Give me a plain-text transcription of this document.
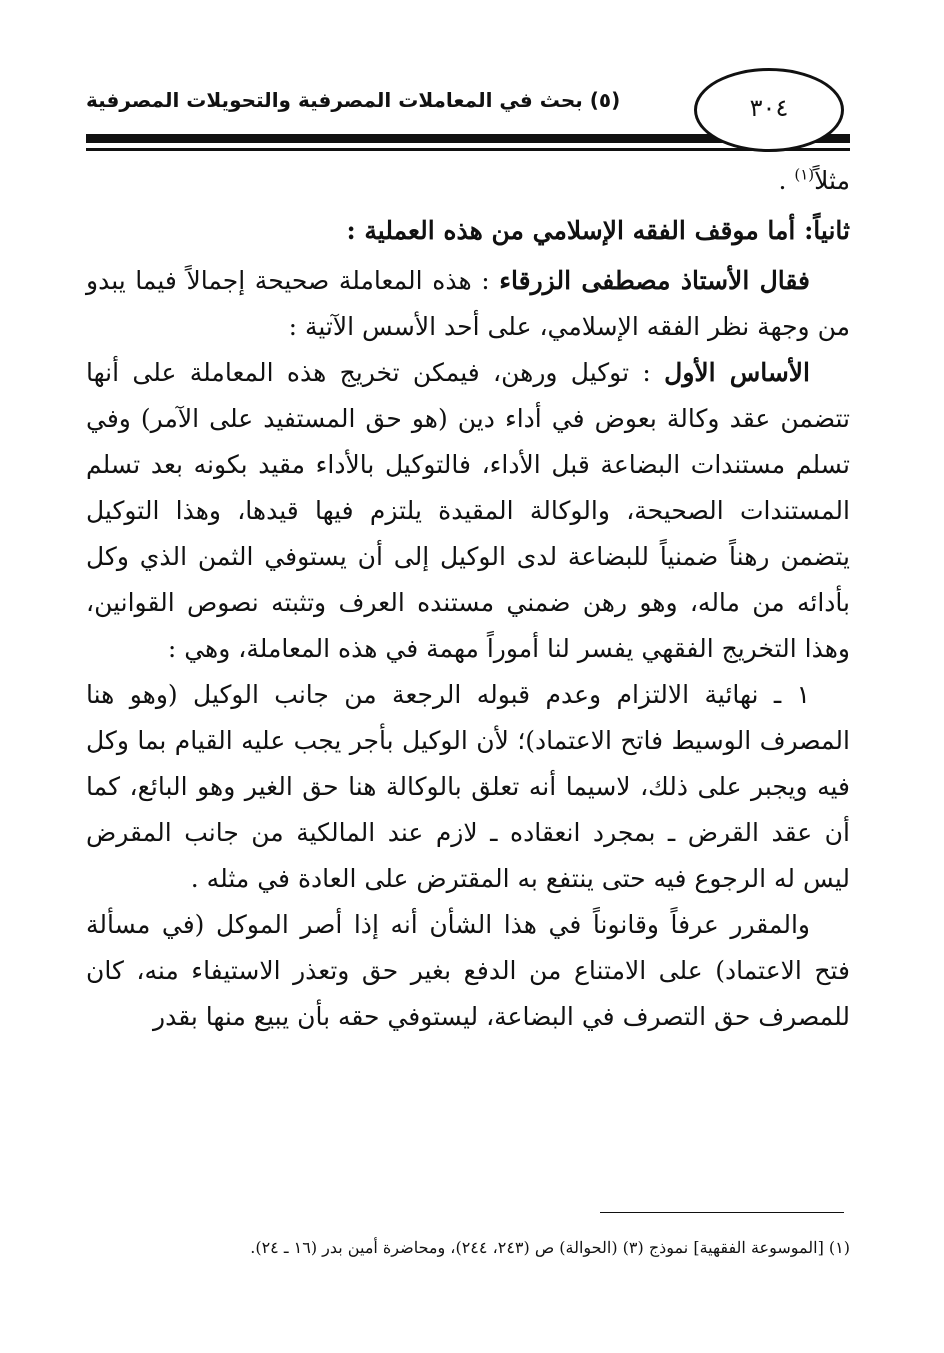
(٥) بحث في المعاملات المصرفية والتحويلات المصرفية	٣٠٤

مثلاً$^{(١)}$ .

ثانياً: أما موقف الفقه الإسلامي من هذه العملية :

فقال الأستاذ مصطفى الزرقاء : هذه المعاملة صحيحة إجمالاً فيما يبدو من وجهة نظر الفقه الإسلامي، على أحد الأسس الآتية :

الأساس الأول : توكيل ورهن، فيمكن تخريج هذه المعاملة على أنها تتضمن عقد وكالة بعوض في أداء دين (هو حق المستفيد على الآمر) وفي تسلم مستندات البضاعة قبل الأداء، فالتوكيل بالأداء مقيد بكونه بعد تسلم المستندات الصحيحة، والوكالة المقيدة يلتزم فيها قيدها، وهذا التوكيل يتضمن رهناً ضمنياً للبضاعة لدى الوكيل إلى أن يستوفي الثمن الذي وكل بأدائه من ماله، وهو رهن ضمني مستنده العرف وتثبته نصوص القوانين، وهذا التخريج الفقهي يفسر لنا أموراً مهمة في هذه المعاملة، وهي :

١ ـ نهائية الالتزام وعدم قبوله الرجعة من جانب الوكيل (وهو هنا المصرف الوسيط فاتح الاعتماد)؛ لأن الوكيل بأجر يجب عليه القيام بما وكل فيه ويجبر على ذلك، لاسيما أنه تعلق بالوكالة هنا حق الغير وهو البائع، كما أن عقد القرض ـ بمجرد انعقاده ـ لازم عند المالكية من جانب المقرض ليس له الرجوع فيه حتى ينتفع به المقترض على العادة في مثله .

والمقرر عرفاً وقانوناً في هذا الشأن أنه إذا أصر الموكل (في مسألة فتح الاعتماد) على الامتناع من الدفع بغير حق وتعذر الاستيفاء منه، كان للمصرف حق التصرف في البضاعة، ليستوفي حقه بأن يبيع منها بقدر

(١) [الموسوعة الفقهية] نموذج (٣) (الحوالة) ص (٢٤٣، ٢٤٤)، ومحاضرة أمين بدر (١٦ ـ ٢٤).
